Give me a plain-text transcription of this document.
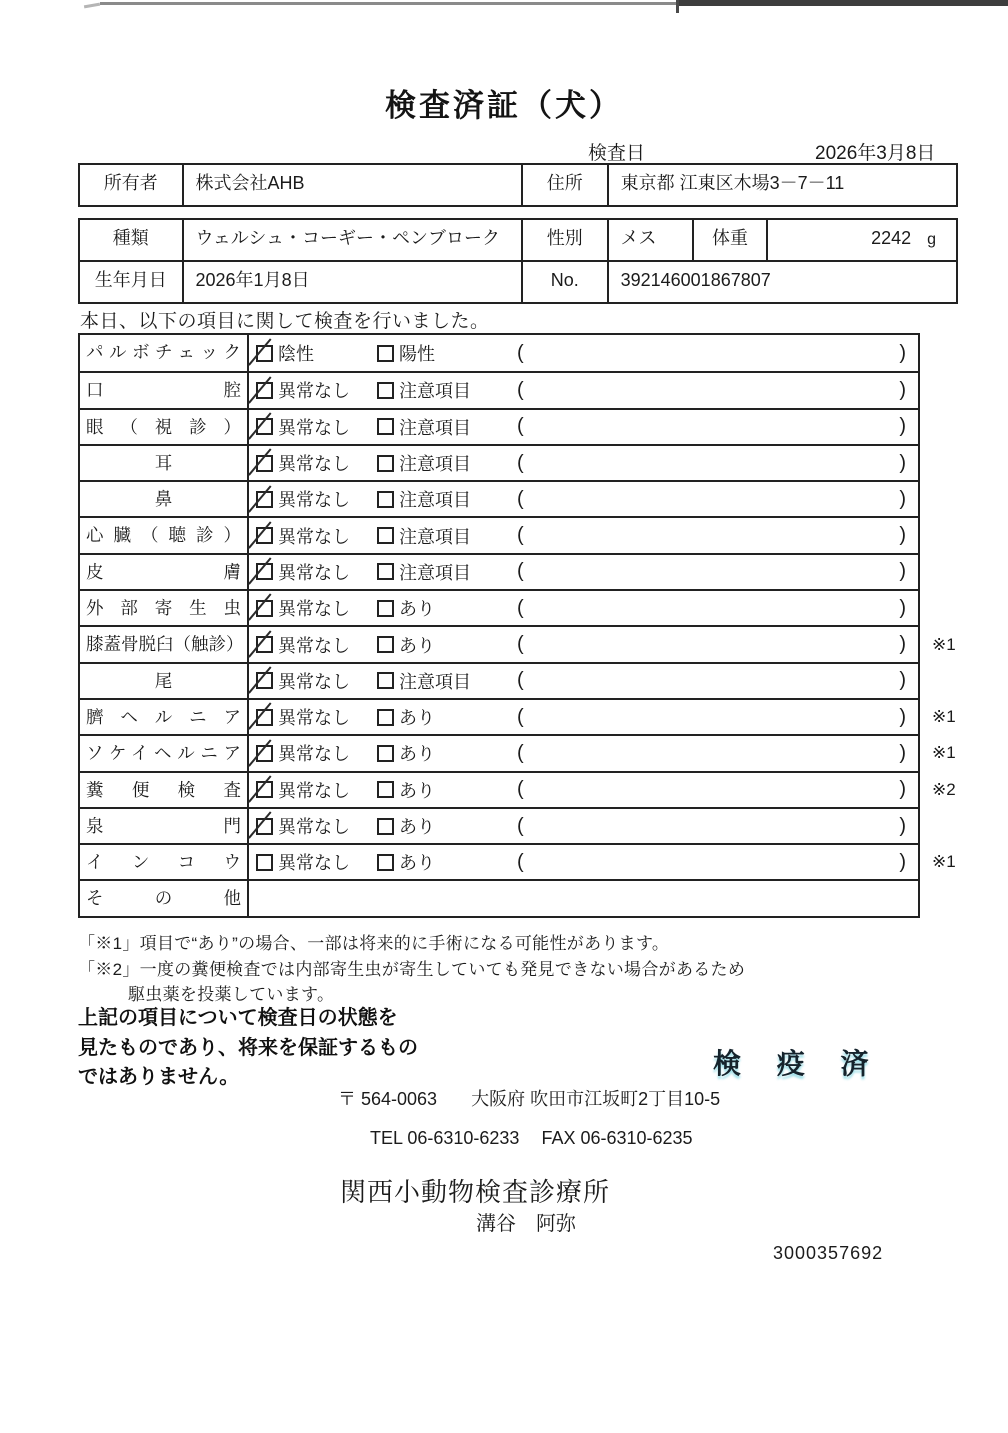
検査済証（犬）
検査日	2026年3月8日
所有者	株式会社AHB	住所	東京都 江東区木場3－7－11
種類	ウェルシュ・コーギー・ペンブローク	性別	メス	体重	2242 g
生年月日	2026年1月8日	No.	392146001867807
本日、以下の項目に関して検査を行いました。
パルボチェック	陰性	陽性	(	)
口腔	異常なし	注意項目 (	)
眼（視診）	異常なし	注意項目 (	)
耳	異常なし	注意項目 (	)
鼻	異常なし	注意項目 (	)
心臓（聴診）	異常なし	注意項目 (	)
皮膚	異常なし	注意項目 (	)
外部寄生虫	異常なし	あり	(	)
膝蓋骨脱臼（触診）	異常なし	あり	(	) ※1
尾	異常なし	注意項目 (	)
臍ヘルニア	異常なし	あり	(	) ※1
ソケイヘルニア	異常なし	あり	(	) ※1
糞便検査	異常なし	あり	(	) ※2
泉門	異常なし	あり	(	)
インコウ	異常なし	あり	(	) ※1
その他
「※1」項目で“あり”の場合、一部は将来的に手術になる可能性があります。
「※2」一度の糞便検査では内部寄生虫が寄生していても発見できない場合があるため
駆虫薬を投薬しています。
上記の項目について検査日の状態を
見たものであり、将来を保証するもの
ではありません。	検 疫 済
〒 564-0063 大阪府 吹田市江坂町2丁目10-5
TEL 06-6310-6233 FAX 06-6310-6235
関西小動物検査診療所
溝谷　阿弥
3000357692
